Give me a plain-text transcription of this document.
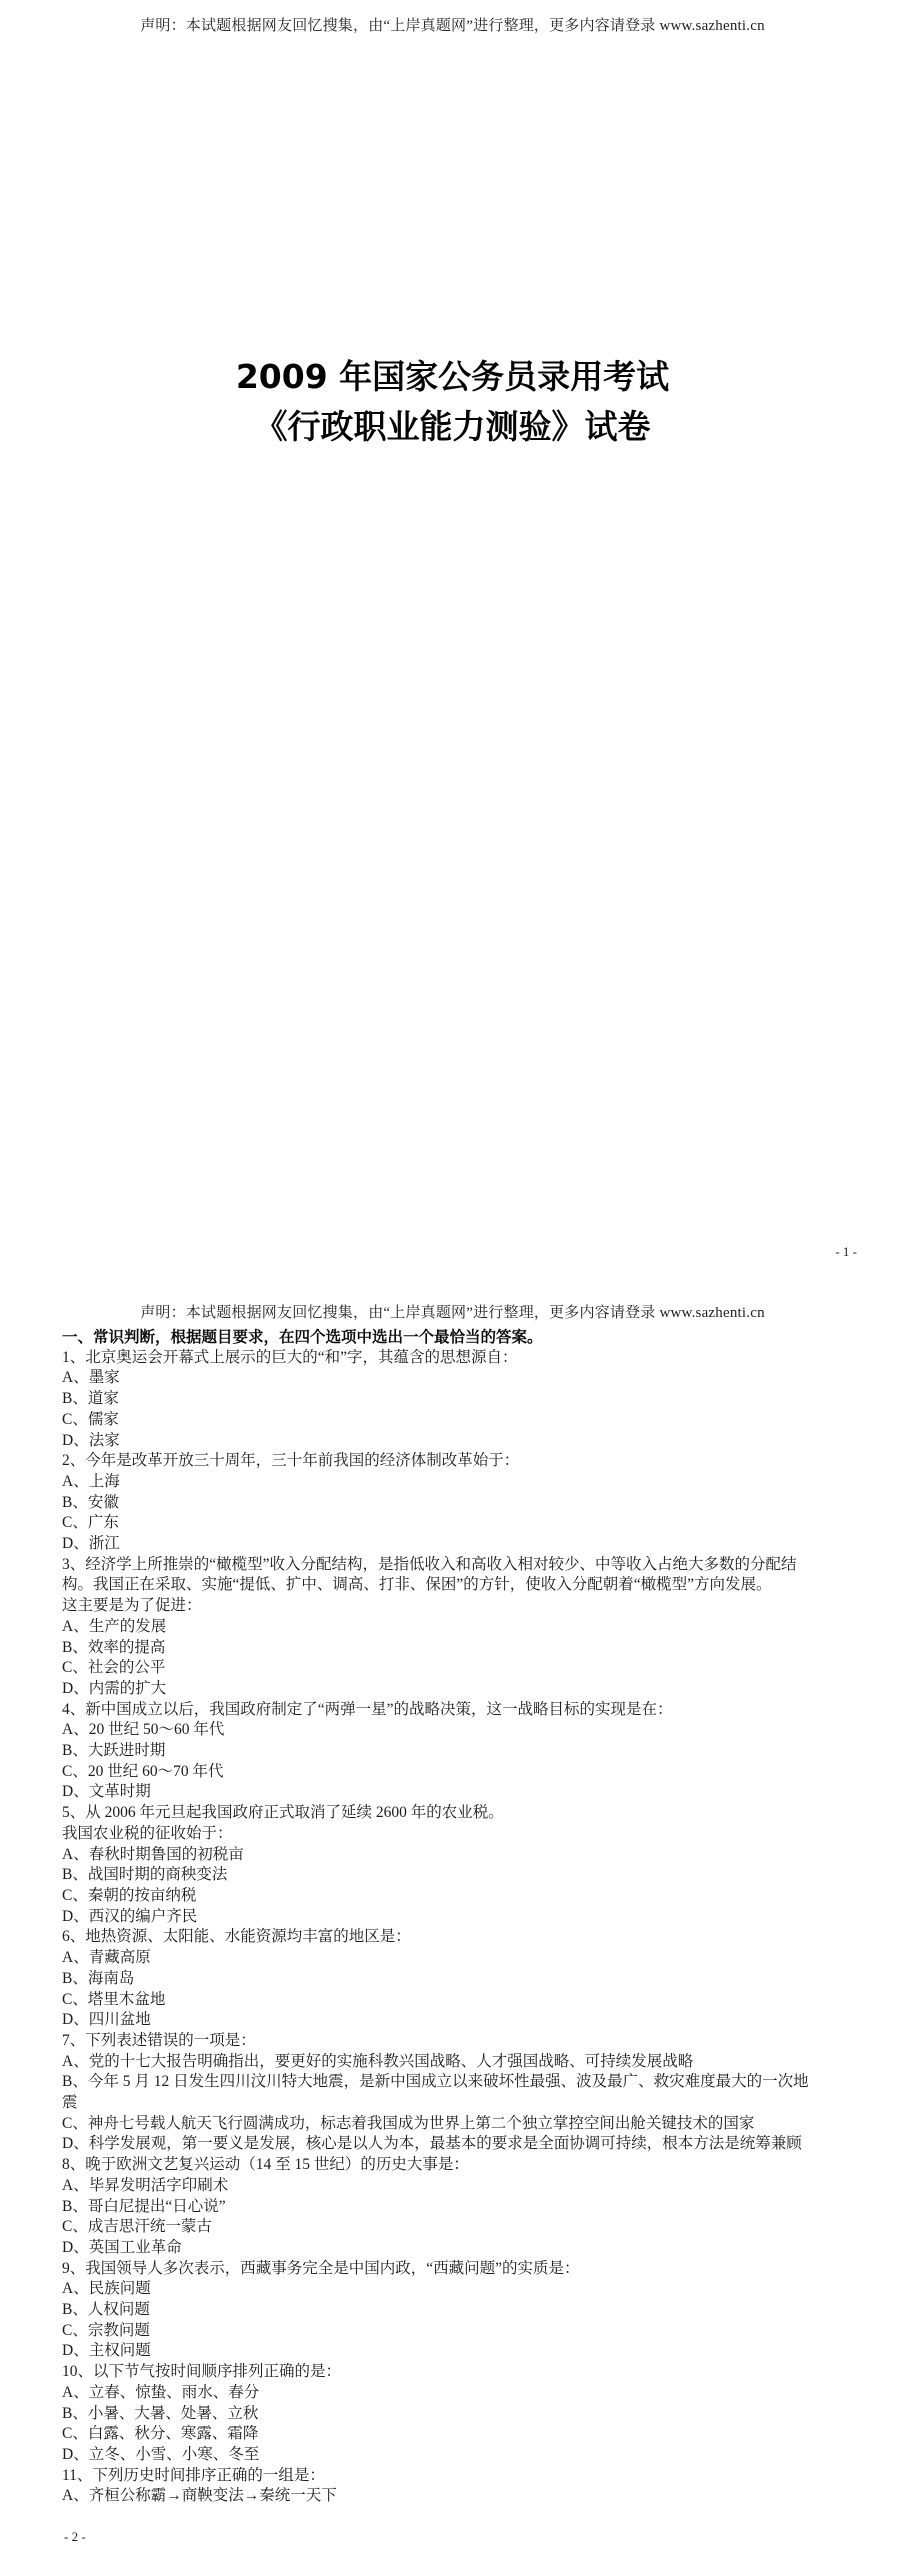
声明：本试题根据网友回忆搜集，由“上岸真题网”进行整理，更多内容请登录 www.sazhenti.cn
2009 年国家公务员录用考试
《行政职业能力测验》试卷
- 1 -
声明：本试题根据网友回忆搜集，由“上岸真题网”进行整理，更多内容请登录 www.sazhenti.cn
一、常识判断，根据题目要求，在四个选项中选出一个最恰当的答案。
1、北京奥运会开幕式上展示的巨大的“和”字，其蕴含的思想源自：
A、墨家
B、道家
C、儒家
D、法家
2、今年是改革开放三十周年，三十年前我国的经济体制改革始于：
A、上海
B、安徽
C、广东
D、浙江
3、经济学上所推崇的“橄榄型”收入分配结构，是指低收入和高收入相对较少、中等收入占绝大多数的分配结
构。我国正在采取、实施“提低、扩中、调高、打非、保困”的方针，使收入分配朝着“橄榄型”方向发展。
这主要是为了促进：
A、生产的发展
B、效率的提高
C、社会的公平
D、内需的扩大
4、新中国成立以后，我国政府制定了“两弹一星”的战略决策，这一战略目标的实现是在：
A、20 世纪 50～60 年代
B、大跃进时期
C、20 世纪 60～70 年代
D、文革时期
5、从 2006 年元旦起我国政府正式取消了延续 2600 年的农业税。
我国农业税的征收始于：
A、春秋时期鲁国的初税亩
B、战国时期的商秧变法
C、秦朝的按亩纳税
D、西汉的编户齐民
6、地热资源、太阳能、水能资源均丰富的地区是：
A、青藏高原
B、海南岛
C、塔里木盆地
D、四川盆地
7、下列表述错误的一项是：
A、党的十七大报告明确指出，要更好的实施科教兴国战略、人才强国战略、可持续发展战略
B、今年 5 月 12 日发生四川汶川特大地震，是新中国成立以来破坏性最强、波及最广、救灾难度最大的一次地
震
C、神舟七号载人航天飞行圆满成功，标志着我国成为世界上第二个独立掌控空间出舱关键技术的国家
D、科学发展观，第一要义是发展，核心是以人为本，最基本的要求是全面协调可持续，根本方法是统筹兼顾
8、晚于欧洲文艺复兴运动（14 至 15 世纪）的历史大事是：
A、毕昇发明活字印刷术
B、哥白尼提出“日心说”
C、成吉思汗统一蒙古
D、英国工业革命
9、我国领导人多次表示，西藏事务完全是中国内政，“西藏问题”的实质是：
A、民族问题
B、人权问题
C、宗教问题
D、主权问题
10、以下节气按时间顺序排列正确的是：
A、立春、惊蛰、雨水、春分
B、小暑、大暑、处暑、立秋
C、白露、秋分、寒露、霜降
D、立冬、小雪、小寒、冬至
11、下列历史时间排序正确的一组是：
A、齐桓公称霸→商鞅变法→秦统一天下
- 2 -
